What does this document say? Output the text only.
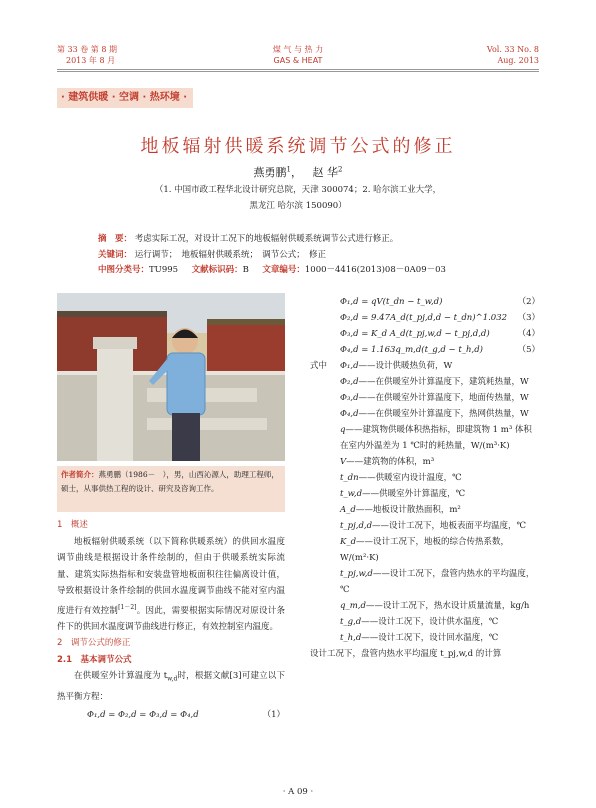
第 33 卷 第 8 期
2013 年 8 月
煤 气 与 热 力
GAS & HEAT
Vol. 33 No. 8
Aug. 2013
· 建筑供暖 · 空调 · 热环境 ·
地板辐射供暖系统调节公式的修正
燕勇鹏$^1$，   赵 华$^2$
（1. 中国市政工程华北设计研究总院，天津 300074；2. 哈尔滨工业大学，
黑龙江 哈尔滨 150090）
摘　要： 考虑实际工况，对设计工况下的地板辐射供暖系统调节公式进行修正。
关键词： 运行调节；　地板辐射供暖系统；　调节公式；　修正
中图分类号：TU995 文献标识码：B 文章编号：1000－4416(2013)08－0A09－03
作者简介：燕勇鹏（1986－　），男，山西沁源人，助理工程师，硕士，从事供热工程的设计、研究及咨询工作。
1　概述
地板辐射供暖系统（以下简称供暖系统）的供回水温度调节曲线是根据设计条件绘制的，但由于供暖系统实际流量、建筑实际热指标和安装盘管地板面积往往偏离设计值，导致根据设计条件绘制的供回水温度调节曲线不能对室内温度进行有效控制[1－2]。因此，需要根据实际情况对原设计条件下的供回水温度调节曲线进行修正，有效控制室内温度。
2　调节公式的修正
2.1　基本调节公式
在供暖室外计算温度为 $t_{w,d}$时，根据文献[3]可建立以下热平衡方程：
Φ₁,d = Φ₂,d = Φ₃,d = Φ₄,d	（1）
Φ₁,d = qV(t_dn − t_w,d)	（2）
Φ₂,d = 9.47A_d(t_pj,d,d − t_dn)^1.032 （3）
Φ₃,d = K_d A_d(t_pj,w,d − t_pj,d,d)	（4）
Φ₄,d = 1.163q_m,d(t_g,d − t_h,d)	（5）
式中 Φ₁,d——设计供暖热负荷，W
Φ₂,d——在供暖室外计算温度下，建筑耗热量，W
Φ₃,d——在供暖室外计算温度下，地面传热量，W
Φ₄,d——在供暖室外计算温度下，热网供热量，W
q——建筑物供暖体积热指标，即建筑物 1 m³ 体积在室内外温差为 1 ℃时的耗热量，W/(m³·K)
V——建筑物的体积，m³
t_dn——供暖室内设计温度，℃
t_w,d——供暖室外计算温度，℃
A_d——地板设计散热面积，m²
t_pj,d,d——设计工况下，地板表面平均温度，℃
K_d——设计工况下，地板的综合传热系数，W/(m²·K)
t_pj,w,d——设计工况下，盘管内热水的平均温度，℃
q_m,d——设计工况下，热水设计质量流量，kg/h
t_g,d——设计工况下，设计供水温度，℃
t_h,d——设计工况下，设计回水温度，℃
设计工况下，盘管内热水平均温度 t_pj,w,d 的计算
· A 09 ·
